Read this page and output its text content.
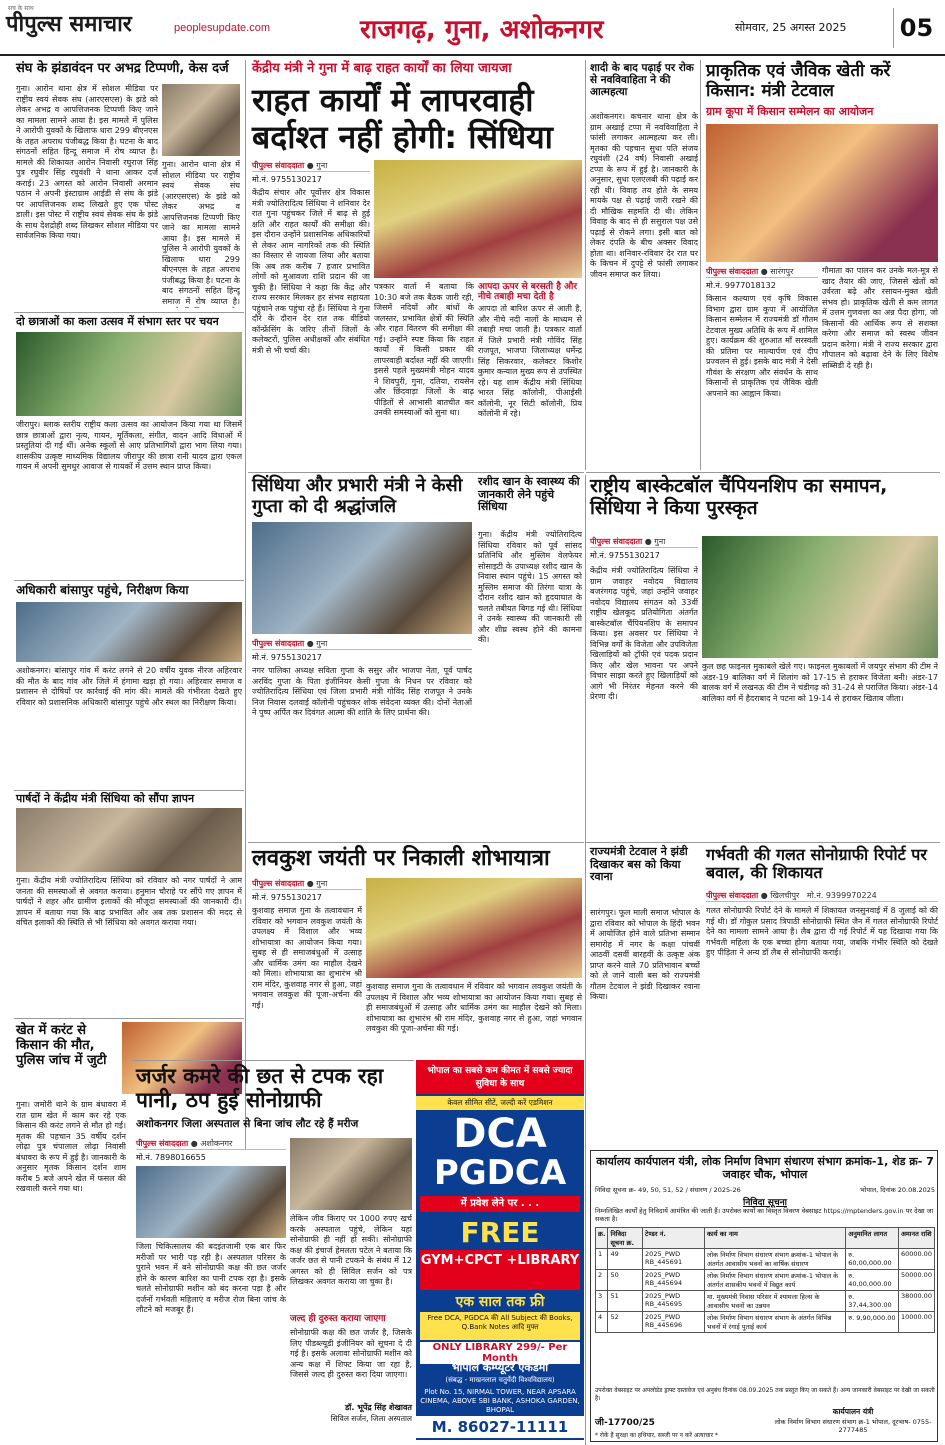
सच के साथ
पीपुल्स समाचार	peoplesupdate.com	राजगढ़, गुना, अशोकनगर	सोमवार, 25 अगस्त 2025 05
संघ के झंडावंदन पर अभद्र टिप्पणी, केस दर्ज
गुना। आरोन थाना क्षेत्र में सोशल मीडिया पर राष्ट्रीय स्वयं सेवक संघ (आरएसएस) के झंडे को लेकर अभद्र व आपत्तिजनक टिप्पणी किए जाने का मामला सामने आया है। इस मामले में पुलिस ने आरोपी युवकों के खिलाफ धारा 299 बीएनएस के तहत अपराध पंजीबद्ध किया है। घटना के बाद संगठनों सहित हिन्दू समाज में रोष व्याप्त है। मामले की शिकायत आरोन निवासी रघुराज सिंह पुत्र रघुवीर सिंह रघुवंशी ने थाना आकर दर्ज कराई। 23 अगस्त को आरोन निवासी अरमान पठान ने अपनी इंस्टाग्राम आईडी से संघ के झंडे पर आपत्तिजनक शब्द लिखते हुए एक पोस्ट डाली। इस पोस्ट में राष्ट्रीय स्वयं सेवक संघ के झंडे के साथ देशद्रोही शब्द लिखकर सोशल मीडिया पर सार्वजनिक किया गया।
गुना। आरोन थाना क्षेत्र में सोशल मीडिया पर राष्ट्रीय स्वयं सेवक संघ (आरएसएस) के झंडे को लेकर अभद्र व आपत्तिजनक टिप्पणी किए जाने का मामला सामने आया है। इस मामले में पुलिस ने आरोपी युवकों के खिलाफ धारा 299 बीएनएस के तहत अपराध पंजीबद्ध किया है। घटना के बाद संगठनों सहित हिन्दू समाज में रोष व्याप्त है।
दो छात्राओं का कला उत्सव में संभाग स्तर पर चयन
जीरापुर। ब्लाक स्तरीय राष्ट्रीय कला उत्सव का आयोजन किया गया था जिसमें छात्र छात्राओं द्वारा नृत्य, गायन, मूर्तिकला, संगीत, वादन आदि विधाओं में प्रस्तुतियां दी गई थीं। अनेक स्कूलों से आए प्रतिभागियों द्वारा भाग लिया गया। शासकीय उत्कृष्ट माध्यमिक विद्यालय जीरापुर की छात्रा रानी यादव द्वारा एकल गायन में अपनी सुमधुर आवाज से गायकों में उत्तम स्थान प्राप्त किया।
अधिकारी बांसापुर पहुंचे, निरीक्षण किया
अशोकनगर। बांसापुर गांव में करंट लगने से 20 वर्षीय युवक नीरज अहिरवार की मौत के बाद गांव और जिले में हंगामा खड़ा हो गया। अहिरवार समाज व प्रशासन से दोषियों पर कार्रवाई की मांग की। मामले की गंभीरता देखते हुए रविवार को प्रशासनिक अधिकारी बांसापुर पहुंचे और स्थल का निरीक्षण किया।
पार्षदों ने केंद्रीय मंत्री सिंधिया को सौंपा ज्ञापन
गुना। केंद्रीय मंत्री ज्योतिरादित्य सिंधिया को रविवार को नगर पार्षदों ने आम जनता की समस्याओं से अवगत कराया। हनुमान चौराहे पर सौंपे गए ज्ञापन में पार्षदों ने शहर और ग्रामीण इलाकों की मौजूदा समस्याओं की जानकारी दी। ज्ञापन में बताया गया कि बाढ़ प्रभावित और अब तक प्रशासन की मदद से वंचित इलाकों की स्थिति से भी सिंधिया को अवगत कराया गया।
खेत में करंट से किसान की मौत, पुलिस जांच में जुटी
गुना। जमोरी थाने के ग्राम बंधावरा में रात ग्राम खेत में काम कर रहे एक किसान की करंट लगने से मौत हो गई। मृतक की पहचान 35 वर्षीय दर्शन लोढ़ा पुत्र चंपालाल लोढ़ा निवासी बंधावरा के रूप में हुई है। जानकारी के अनुसार मृतक किसान दर्शन शाम करीब 5 बजे अपने खेत में फसल की रखवाली करने गया था।
केंद्रीय मंत्री ने गुना में बाढ़ राहत कार्यों का लिया जायजा
राहत कार्यों में लापरवाही बर्दाश्त नहीं होगी: सिंधिया
पीपुल्स संवाददाता ● गुना
मो.नं. 9755130217
केंद्रीय संचार और पूर्वोत्तर क्षेत्र विकास मंत्री ज्योतिरादित्य सिंधिया ने शनिवार देर रात गुना पहुंचकर जिले में बाढ़ से हुई क्षति और राहत कार्यों की समीक्षा की। इस दौरान उन्होंने प्रशासनिक अधिकारियों से लेकर आम नागरिकों तक की स्थिति का विस्तार से जायजा लिया और बताया कि अब तक करीब 7 हजार प्रभावित लोगों को मुआवजा राशि प्रदान की जा चुकी है। सिंधिया ने कहा कि केंद्र और राज्य सरकार मिलकर हर संभव सहायता पहुंचाने तक पहुंचा रहे हैं। सिंधिया ने गुना दौरे के दौरान देर रात तक वीडियो कॉन्फ्रेंसिंग के जरिए तीनों जिलों के कलेक्टरों, पुलिस अधीक्षकों और संबंधित मंत्री से भी चर्चा की।
पत्रकार वार्ता में बताया कि 10:30 बजे तक बैठक जारी रही, जिसमें नदियों और बांधों के जलस्तर, प्रभावित क्षेत्रों की स्थिति और राहत वितरण की समीक्षा की गई। उन्होंने स्पष्ट किया कि राहत कार्यों में किसी प्रकार की लापरवाही बर्दाश्त नहीं की जाएगी। इससे पहले मुख्यमंत्री मोहन यादव ने शिवपुरी, गुना, दतिया, रायसेन और छिंदवाड़ा जिलों के बाढ़ पीड़ितों से आभासी बातचीत कर उनकी समस्याओं को सुना था।
आपदा ऊपर से बरसती है और नीचे तबाही मचा देती है
आपदा तो बारिश ऊपर से आती है, और नीचे नदी नालों के माध्यम से तबाही मचा जाती है। पत्रकार वार्ता में जिले प्रभारी मंत्री गोविंद सिंह राजपूत, भाजपा जिलाध्यक्ष धर्मेन्द्र सिंह सिकरवार, कलेक्टर किशोर कुमार कन्याल मुख्य रूप से उपस्थित रहे। यह शाम केंद्रीय मंत्री सिंधिया भारत सिंह कॉलोनी, पीआईसी कॉलोनी, नूर सिटी कॉलोनी, प्रिय कॉलोनी में रहे।
शादी के बाद पढ़ाई पर रोक से नवविवाहिता ने की आत्महत्या
अशोकनगर। कचनार थाना क्षेत्र के ग्राम अखाई टप्पा में नवविवाहिता ने फांसी लगाकर आत्महत्या कर ली। मृतका की पहचान सुधा पति संजय रघुवंशी (24 वर्ष) निवासी अखाई टप्पा के रूप में हुई है। जानकारी के अनुसार, सुधा एलएलबी की पढ़ाई कर रही थी। विवाह तय होते के समय मायके पक्ष से पढ़ाई जारी रखने की दी मौखिक सहमति दी थी। लेकिन विवाह के बाद से ही ससुराल पक्ष उसे पढ़ाई से रोकने लगा। इसी बात को लेकर दंपति के बीच अक्सर विवाद होता था। शनिवार-रविवार देर रात घर के किचन में दुपट्टे से फांसी लगाकर जीवन समाप्त कर लिया।
प्राकृतिक एवं जैविक खेती करें किसान: मंत्री टेटवाल
ग्राम कूपा में किसान सम्मेलन का आयोजन
पीपुल्स संवाददाता ● सारंगपुर
मो.नं. 9977018132
किसान कल्याण एवं कृषि विकास विभाग द्वारा ग्राम कूपा में आयोजित किसान सम्मेलन में राज्यमंत्री डॉ गौतम टेटवाल मुख्य अतिथि के रूप में शामिल हुए। कार्यक्रम की शुरुआत माँ सरस्वती की प्रतिमा पर माल्यार्पण एवं दीप प्रज्वलन से हुई। इसके बाद मंत्री ने देसी गौवंश के संरक्षण और संवर्धन के साथ किसानों से प्राकृतिक एवं जैविक खेती अपनाने का आह्वान किया।
गौमाता का पालन कर उनके मल-मूत्र से खाद तैयार की जाए, जिससे खेतों को उर्वरता बढ़े और रसायन-मुक्त खेती संभव हो। प्राकृतिक खेती से कम लागत में उत्तम गुणवत्ता का अन्न पैदा होगा, जो किसानों की आर्थिक रूप से सशक्त करेगा और समाज को स्वस्थ जीवन प्रदान करेगा। मंत्री ने राज्य सरकार द्वारा गौपालन को बढ़ावा देने के लिए विशेष सब्सिडी दे रही है।
सिंधिया और प्रभारी मंत्री ने केसी गुप्ता को दी श्रद्धांजलि
पीपुल्स संवाददाता ● गुना
मो.नं. 9755130217
नगर पालिका अध्यक्ष सविता गुप्ता के ससुर और भाजपा नेता, पूर्व पार्षद अरविंद गुप्ता के पिता इंजीनियर केसी गुप्ता के निधन पर रविवार को ज्योतिरादित्य सिंधिया एवं जिला प्रभारी मंत्री गोविंद सिंह राजपूत ने उनके निज निवास दलवाई कॉलोनी पहुंचकर शोक संवेदना व्यक्त की। दोनों नेताओं ने पुष्प अर्पित कर दिवंगत आत्मा की शांति के लिए प्रार्थना की।
रशीद खान के स्वास्थ्य की जानकारी लेने पहुंचे सिंधिया
गुना। केंद्रीय मंत्री ज्योतिरादित्य सिंधिया रविवार को पूर्व सांसद प्रतिनिधि और मुस्लिम वेलफेयर सोसाइटी के उपाध्यक्ष रशीद खान के निवास स्थान पहुंचे। 15 अगस्त को मुस्लिम समाज की तिरंगा यात्रा के दौरान रशीद खान को हृदयाघात के चलते तबीयत बिगड़ गई थी। सिंधिया ने उनके स्वास्थ्य की जानकारी ली और शीघ्र स्वस्थ होने की कामना की।
राष्ट्रीय बास्केटबॉल चैंपियनशिप का समापन, सिंधिया ने किया पुरस्कृत
पीपुल्स संवाददाता ● गुना
मो.नं. 9755130217
केंद्रीय मंत्री ज्योतिरादित्य सिंधिया ने ग्राम जवाहर नवोदय विद्यालय बजरंगगढ़ पहुंचे, जहां उन्होंने जवाहर नवोदय विद्यालय संगठन को 33वीं राष्ट्रीय खेलकूद प्रतियोगिता अंतर्गत बास्केटबॉल चैंपियनशिप के समापन किया। इस अवसर पर सिंधिया ने विभिन्न वर्गों के विजेता और उपविजेता खिलाड़ियों को ट्रॉफी एवं पदक प्रदान किए और खेल भावना पर अपने विचार साझा करते हुए खिलाड़ियों को आगे भी निरंतर मेहनत करने की प्रेरणा दी।
कुल छह फाइनल मुकाबले खेले गए। फाइनल मुकाबलों में जयपुर संभाग की टीम ने अंडर-19 बालिका वर्ग में शिलांग को 17-15 से हराकर विजेता बनी। अंडर-17 बालक वर्ग में लखनऊ की टीम ने चंडीगढ़ को 31-24 से पराजित किया। अंडर-14 बालिका वर्ग में हैदराबाद ने पटना को 19-14 से हराकर खिताब जीता।
लवकुश जयंती पर निकाली शोभायात्रा
पीपुल्स संवाददाता ● गुना
मो.नं. 9755130217
कुशवाह समाज गुना के तत्वावधान में रविवार को भगवान लवकुश जयंती के उपलक्ष्य में विशाल और भव्य शोभायात्रा का आयोजन किया गया। सुबह से ही समाजबंधुओं में उत्साह और धार्मिक उमंग का माहौल देखने को मिला। शोभायात्रा का शुभारंभ श्री राम मंदिर, कुशवाह नगर से हुआ, जहां भगवान लवकुश की पूजा-अर्चना की गई।
कुशवाह समाज गुना के तत्वावधान में रविवार को भगवान लवकुश जयंती के उपलक्ष्य में विशाल और भव्य शोभायात्रा का आयोजन किया गया। सुबह से ही समाजबंधुओं में उत्साह और धार्मिक उमंग का माहौल देखने को मिला। शोभायात्रा का शुभारंभ श्री राम मंदिर, कुशवाह नगर से हुआ, जहां भगवान लवकुश की पूजा-अर्चना की गई।
राज्यमंत्री टेटवाल ने झंडी दिखाकर बस को किया रवाना
सारंगपुर। फूल माली समाज भोपाल के द्वारा रविवार को भोपाल के हिंदी भवन में आयोजित होने वाले प्रतिभा सम्मान समारोह में नगर के कक्षा पांचवीं आठवीं दसवीं बारहवीं के उत्कृष्ट अंक प्राप्त करने वाले 70 प्रतिभावान बच्चों को ले जाने वाली बस को राज्यमंत्री गौतम टेटवाल ने झंडी दिखाकर रवाना किया।
गर्भवती की गलत सोनोग्राफी रिपोर्ट पर बवाल, की शिकायत
पीपुल्स संवाददाता ● खिलचीपुर मो.नं. 9399970224
गलत सोनोग्राफी रिपोर्ट देने के मामले में शिकायत जनसुनवाई में 8 जुलाई को की गई थी। डॉ गोकुल प्रसाद त्रिपाठी सोनोग्राफी स्थित जैन में गलत सोनोग्राफी रिपोर्ट देने का मामला सामने आया है। लैब द्वारा दी गई रिपोर्ट में यह दिखाया गया कि गर्भवती महिला के एक बच्चा होगा बताया गया, जबकि गंभीर स्थिति को देखते हुए पीड़िता ने अन्य डॉ लैब से सोनोग्राफी कराई।
जर्जर कमरे की छत से टपक रहा पानी, ठप हुई सोनोग्राफी
अशोकनगर जिला अस्पताल से बिना जांच लौट रहे हैं मरीज
पीपुल्स संवाददाता ● अशोकनगर
मो.नं. 7898016655
जिला चिकित्सालय की बदइंतजामी एक बार फिर मरीजों पर भारी पड़ रही है। अस्पताल परिसर के पुराने भवन में बने सोनोग्राफी कक्ष की छत जर्जर होने के कारण बारिश का पानी टपक रहा है। इसके चलते सोनोग्राफी मशीन को बंद करना पड़ा है और दर्जनों गर्भवती महिलाएं व मरीज रोज बिना जांच के लौटने को मजबूर हैं।
लेकिन जीव किराए पर 1000 रुपए खर्च करके अस्पताल पहुंचे, लेकिन यहां सोनोग्राफी ही नहीं हो सकी। सोनोग्राफी कक्ष की इंचार्ज हेमलता पटेल ने बताया कि जर्जर छत से पानी टपकने के संबंध में 12 अगस्त को ही सिविल सर्जन को पत्र लिखकर अवगत कराया जा चुका है।
जल्द ही दुरुस्त कराया जाएगा
सोनोग्राफी कक्ष की छत जर्जर है, जिसके लिए पीडब्ल्यूडी इंजीनियर को सूचना दे दी गई है। इसके अलावा सोनोग्राफी मशीन को अन्य कक्ष में शिफ्ट किया जा रहा है, जिससे जल्द ही दुरुस्त करा दिया जाएगा।
डॉ. भूपेंद्र सिंह शेखावत
सिविल सर्जन, जिला अस्पताल
भोपाल का सबसे कम कीमत में सबसे ज्यादा सुविधा के साथ
केवल सीमित सीटें, जल्दी करें एडमिशन
DCA
PGDCA
में प्रवेश लेने पर . . .
FREE
GYM+CPCT +LIBRARY
एक साल तक फ्री
Free DCA, PGDCA की All Subject की Books, Q.Bank Notes आदि मुफ्त
ONLY LIBRARY 299/- Per Month
भोपाल कम्प्यूटर एकेडमी
(संबद्ध - माखनलाल चतुर्वेदी विश्वविद्यालय)
Plot No. 15, NIRMAL TOWER, NEAR APSARA CINEMA, ABOVE SBI BANK, ASHOKA GARDEN, BHOPAL
M. 86027-11111
कार्यालय कार्यपालन यंत्री, लोक निर्माण विभाग संधारण संभाग क्रमांक-1, शेड क्र- 7 जवाहर चौक, भोपाल
निविदा सूचना क्र- 49, 50, 51, 52 / संधारण / 2025-26	भोपाल, दिनांक 20.08.2025
निविदा सूचना
निम्नलिखित कार्यों हेतु निविदायें आमंत्रित की जाती हैं। उपरोक्त कार्यों का विस्तृत विवरण वेबसाइट https://mptenders.gov.in पर देखा जा सकता है।
क्र.	निविदा सूचना क्र.	टेण्डर नं.	कार्य का नाम	अनुमानित लागत	अमानत राशि
1	49	2025_PWD RB_445691	लोक निर्माण विभाग संधारण संभाग क्रमांक-1 भोपाल के अंतर्गत आवासीय भवनों का वार्षिक संधारण	रु. 60,00,000.00	60000.00
2	50	2025_PWD RB_445694	लोक निर्माण विभाग संधारण संभाग क्रमांक-1 भोपाल के अंतर्गत शासकीय भवनों में विद्युत कार्य	रु. 40,00,000.00	50000.00
3	51	2025_PWD RB_445695	मा. मुख्यमंत्री निवास परिसर में श्यामला हिल्स के आवासीय भवनों का उन्नयन	रु. 37,44,300.00	38000.00
4	52	2025_PWD RB_445696	लोक निर्माण विभाग संधारण संभाग के अंतर्गत विभिन्न भवनों में रंगाई पुताई कार्य	रु. 9,90,000.00	10000.00
उपरोक्त वेबसाइट पर अपलोडेड ड्राफ्ट दस्तावेज एवं अनुबंध दिनांक 08.09.2025 तक प्रस्तुत किए जा सकते हैं। अन्य जानकारी वेबसाइट पर देखी जा सकती है।
कार्यपालन यंत्री
लोक निर्माण विभाग संधारण संभाग क्र-1 भोपाल, दूरभाष- 0755-2777485
जी-17700/25
* रोकें हैं सुरक्षा का हथियार, सब्जी पर न करें अत्याचार *
